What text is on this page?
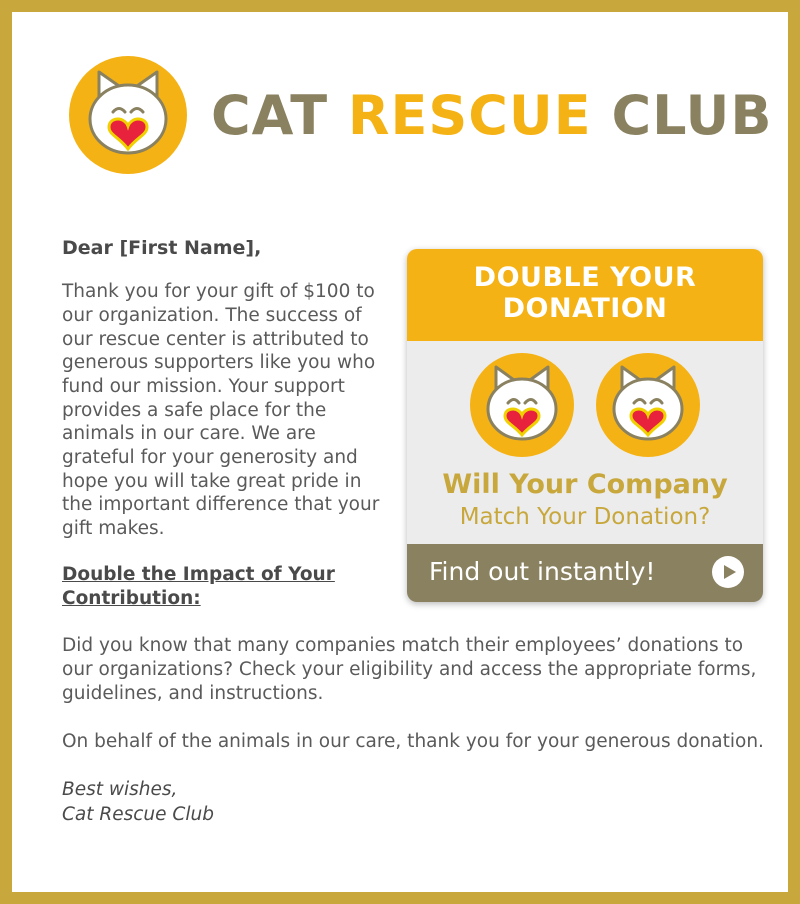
CAT RESCUE CLUB
Dear [First Name],

Thank you for your gift of $100 to our organization. The success of our rescue center is attributed to generous supporters like you who fund our mission. Your support provides a safe place for the animals in our care. We are grateful for your generosity and hope you will take great pride in the important difference that your gift makes.

Double the Impact of Your Contribution:

Did you know that many companies match their employees’ donations to our organizations? Check your eligibility and access the appropriate forms, guidelines, and instructions.

On behalf of the animals in our care, thank you for your generous donation.

Best wishes,
Cat Rescue Club
DOUBLE YOUR
DONATION
Will Your Company
Match Your Donation?
Find out instantly!
